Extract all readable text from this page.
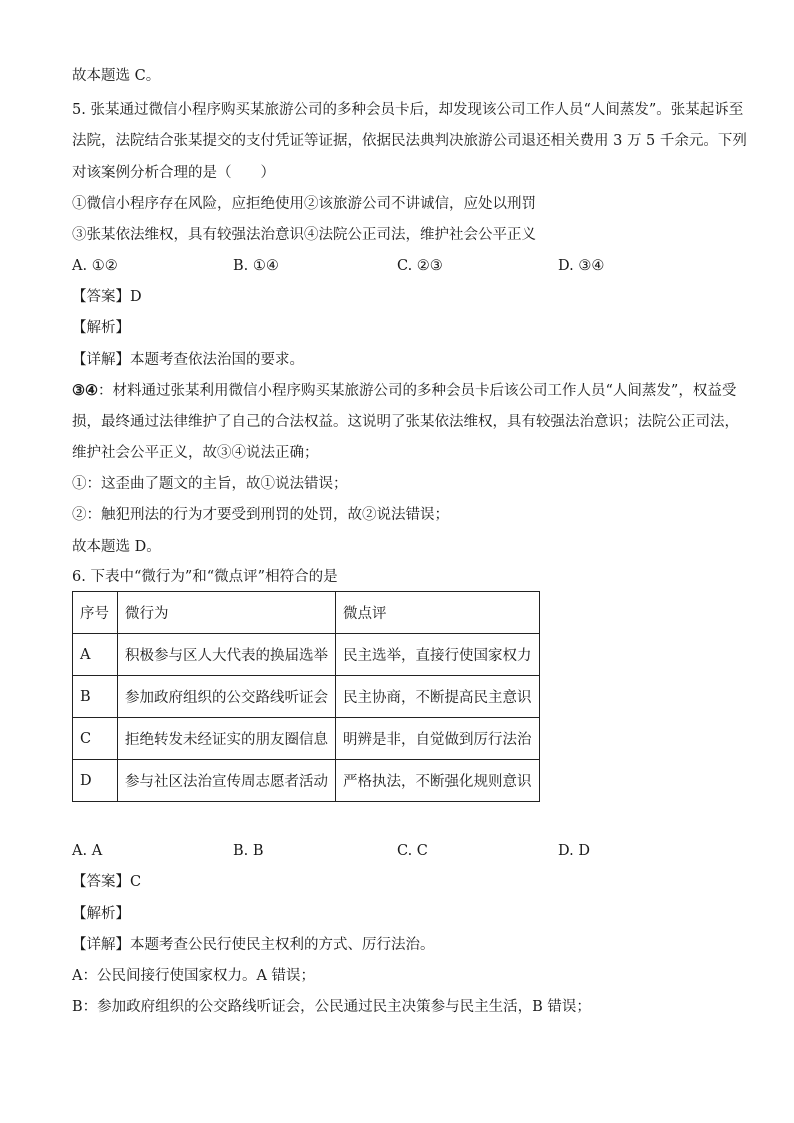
故本题选 C。
5. 张某通过微信小程序购买某旅游公司的多种会员卡后，却发现该公司工作人员“人间蒸发”。张某起诉至
法院，法院结合张某提交的支付凭证等证据，依据民法典判决旅游公司退还相关费用 3 万 5 千余元。下列
对该案例分析合理的是（　　）
①微信小程序存在风险，应拒绝使用②该旅游公司不讲诚信，应处以刑罚
③张某依法维权，具有较强法治意识④法院公正司法，维护社会公平正义
A. ①②	B. ①④	C. ②③	D. ③④
【答案】D
【解析】
【详解】本题考查依法治国的要求。
③④：材料通过张某利用微信小程序购买某旅游公司的多种会员卡后该公司工作人员“人间蒸发”，权益受
损，最终通过法律维护了自己的合法权益。这说明了张某依法维权，具有较强法治意识；法院公正司法，
维护社会公平正义，故③④说法正确；
①：这歪曲了题文的主旨，故①说法错误；
②：触犯刑法的行为才要受到刑罚的处罚，故②说法错误；
故本题选 D。
6. 下表中“微行为”和“微点评”相符合的是
序号	微行为	微点评
A	积极参与区人大代表的换届选举	民主选举，直接行使国家权力
B	参加政府组织的公交路线听证会	民主协商，不断提高民主意识
C	拒绝转发未经证实的朋友圈信息	明辨是非，自觉做到厉行法治
D	参与社区法治宣传周志愿者活动	严格执法，不断强化规则意识
A. A	B. B	C. C	D. D
【答案】C
【解析】
【详解】本题考查公民行使民主权利的方式、厉行法治。
A：公民间接行使国家权力。A 错误；
B：参加政府组织的公交路线听证会，公民通过民主决策参与民主生活，B 错误；
